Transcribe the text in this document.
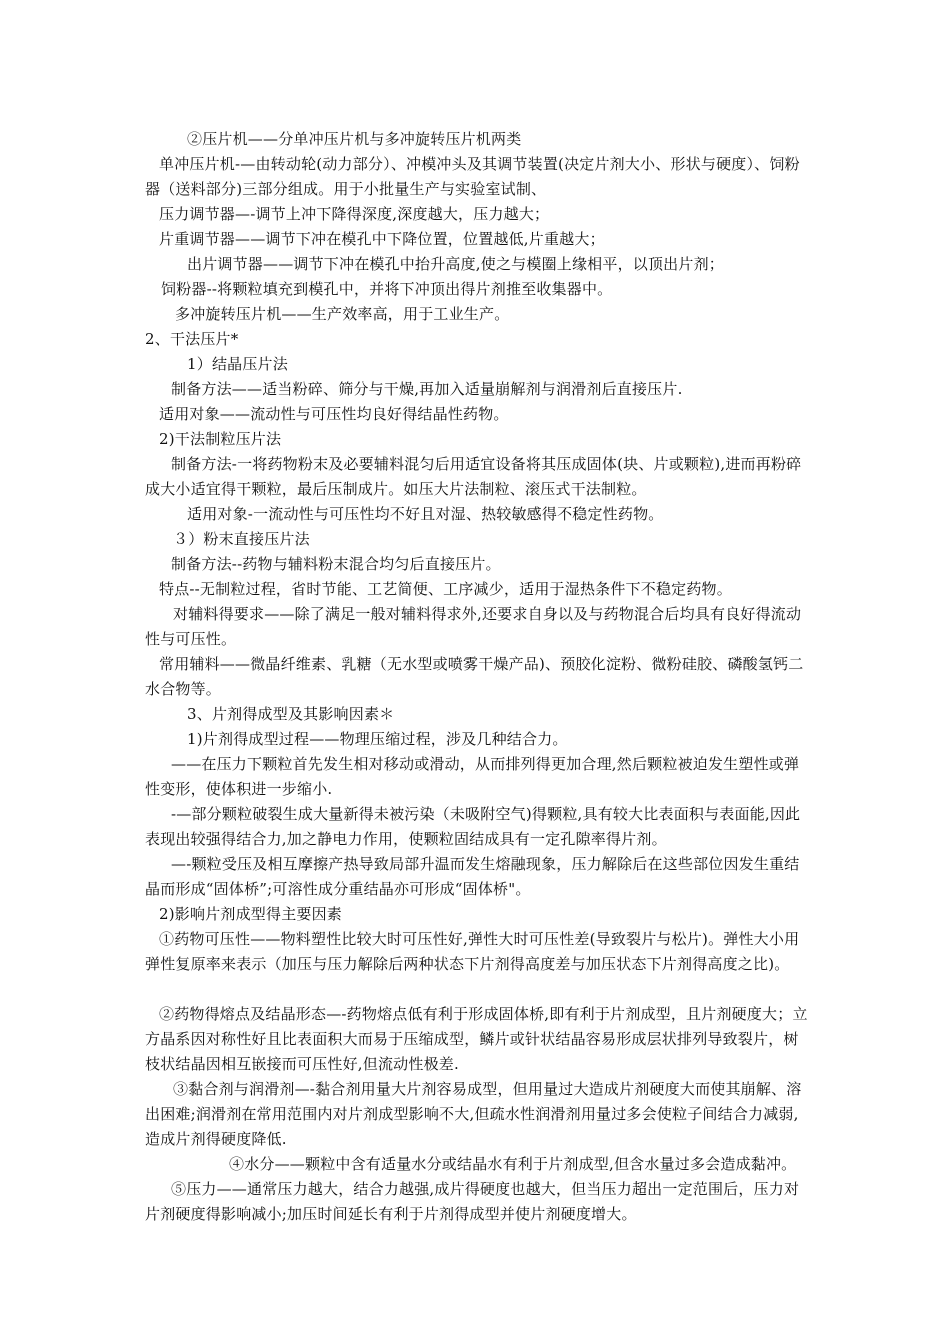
②压片机——分单冲压片机与多冲旋转压片机两类

单冲压片机-—由转动轮(动力部分）、冲模冲头及其调节装置(决定片剂大小、形状与硬度）、饲粉器（送料部分)三部分组成。用于小批量生产与实验室试制、

压力调节器—-调节上冲下降得深度,深度越大，压力越大；

片重调节器——调节下冲在模孔中下降位置，位置越低,片重越大；

出片调节器——调节下冲在模孔中抬升高度,使之与模圈上缘相平，以顶出片剂；

饲粉器--将颗粒填充到模孔中，并将下冲顶出得片剂推至收集器中。

多冲旋转压片机——生产效率高，用于工业生产。

2、干法压片*

1）结晶压片法

制备方法——适当粉碎、筛分与干燥,再加入适量崩解剂与润滑剂后直接压片.

适用对象——流动性与可压性均良好得结晶性药物。

2)干法制粒压片法

制备方法-一将药物粉末及必要辅料混匀后用适宜设备将其压成固体(块、片或颗粒),进而再粉碎成大小适宜得干颗粒，最后压制成片。如压大片法制粒、滚压式干法制粒。

适用对象-一流动性与可压性均不好且对湿、热较敏感得不稳定性药物。

３）粉末直接压片法

制备方法--药物与辅料粉末混合均匀后直接压片。

特点--无制粒过程，省时节能、工艺简便、工序减少，适用于湿热条件下不稳定药物。

对辅料得要求——除了满足一般对辅料得求外,还要求自身以及与药物混合后均具有良好得流动性与可压性。

常用辅料——微晶纤维素、乳糖（无水型或喷雾干燥产品)、预胶化淀粉、微粉硅胶、磷酸氢钙二水合物等。

3、片剂得成型及其影响因素＊

1)片剂得成型过程——物理压缩过程，涉及几种结合力。

——在压力下颗粒首先发生相对移动或滑动，从而排列得更加合理,然后颗粒被迫发生塑性或弹性变形，使体积进一步缩小.

-—部分颗粒破裂生成大量新得未被污染（未吸附空气)得颗粒,具有较大比表面积与表面能,因此表现出较强得结合力,加之静电力作用，使颗粒固结成具有一定孔隙率得片剂。

—-颗粒受压及相互摩擦产热导致局部升温而发生熔融现象，压力解除后在这些部位因发生重结晶而形成“固体桥”;可溶性成分重结晶亦可形成“固体桥"。

2)影响片剂成型得主要因素

①药物可压性——物料塑性比较大时可压性好,弹性大时可压性差(导致裂片与松片)。弹性大小用弹性复原率来表示（加压与压力解除后两种状态下片剂得高度差与加压状态下片剂得高度之比)。

②药物得熔点及结晶形态—-药物熔点低有利于形成固体桥,即有利于片剂成型，且片剂硬度大；立方晶系因对称性好且比表面积大而易于压缩成型，鳞片或针状结晶容易形成层状排列导致裂片，树枝状结晶因相互嵌接而可压性好,但流动性极差.

③黏合剂与润滑剂—-黏合剂用量大片剂容易成型，但用量过大造成片剂硬度大而使其崩解、溶出困难;润滑剂在常用范围内对片剂成型影响不大,但疏水性润滑剂用量过多会使粒子间结合力减弱,造成片剂得硬度降低.

④水分——颗粒中含有适量水分或结晶水有利于片剂成型,但含水量过多会造成黏冲。

⑤压力——通常压力越大，结合力越强,成片得硬度也越大，但当压力超出一定范围后，压力对片剂硬度得影响减小;加压时间延长有利于片剂得成型并使片剂硬度增大。
